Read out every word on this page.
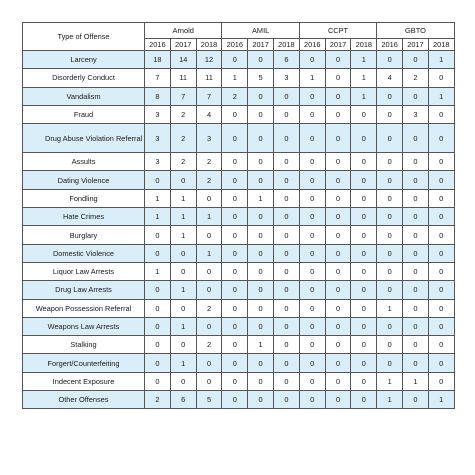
Type of Offense	Arnold			AMIL			CCPT			GBTO		
	2016	2017	2018	2016	2017	2018	2016	2017	2018	2016	2017	2018
Larceny	18	14	12	0	0	6	0	0	1	0	0	1
Disorderly Conduct	7	11	11	1	5	3	1	0	1	4	2	0
Vandalism	8	7	7	2	0	0	0	0	1	0	0	1
Fraud	3	2	4	0	0	0	0	0	0	0	3	0
Drug Abuse Violation Referral	3	2	3	0	0	0	0	0	0	0	0	0
Assults	3	2	2	0	0	0	0	0	0	0	0	0
Dating Violence	0	0	2	0	0	0	0	0	0	0	0	0
Fondling	1	1	0	0	1	0	0	0	0	0	0	0
Hate Crimes	1	1	1	0	0	0	0	0	0	0	0	0
Burglary	0	1	0	0	0	0	0	0	0	0	0	0
Domestic Violence	0	0	1	0	0	0	0	0	0	0	0	0
Liquor Law Arrests	1	0	0	0	0	0	0	0	0	0	0	0
Drug Law Arrests	0	1	0	0	0	0	0	0	0	0	0	0
Weapon Possession Referral	0	0	2	0	0	0	0	0	0	1	0	0
Weapons Law Arrests	0	1	0	0	0	0	0	0	0	0	0	0
Stalking	0	0	2	0	1	0	0	0	0	0	0	0
Forgert/Counterfeiting	0	1	0	0	0	0	0	0	0	0	0	0
Indecent Exposure	0	0	0	0	0	0	0	0	0	1	1	0
Other Offenses	2	6	5	0	0	0	0	0	0	1	0	1
